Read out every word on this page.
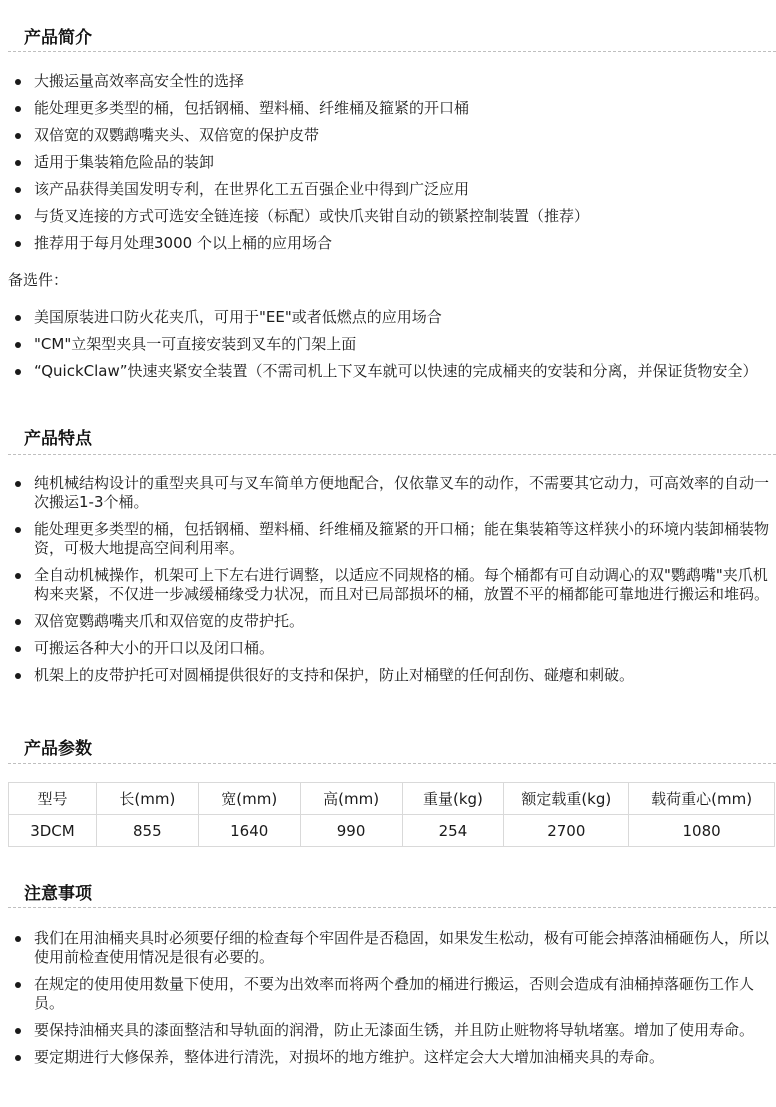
产品简介
大搬运量高效率高安全性的选择
能处理更多类型的桶，包括钢桶、塑料桶、纤维桶及箍紧的开口桶
双倍宽的双鹦鹉嘴夹头、双倍宽的保护皮带
适用于集装箱危险品的装卸
该产品获得美国发明专利，在世界化工五百强企业中得到广泛应用
与货叉连接的方式可选安全链连接（标配）或快爪夹钳自动的锁紧控制装置（推荐）
推荐用于每月处理3000 个以上桶的应用场合
备选件：
美国原装进口防火花夹爪，可用于"EE"或者低燃点的应用场合
"CM"立架型夹具一可直接安装到叉车的门架上面
“QuickClaw”快速夹紧安全装置（不需司机上下叉车就可以快速的完成桶夹的安装和分离，并保证货物安全）
产品特点
纯机械结构设计的重型夹具可与叉车简单方便地配合，仅依靠叉车的动作，不需要其它动力，可高效率的自动一次搬运1-3个桶。
能处理更多类型的桶，包括钢桶、塑料桶、纤维桶及箍紧的开口桶；能在集装箱等这样狭小的环境内装卸桶装物资，可极大地提高空间利用率。
全自动机械操作，机架可上下左右进行调整，以适应不同规格的桶。每个桶都有可自动调心的双"鹦鹉嘴"夹爪机构来夹紧，不仅进一步减缓桶缘受力状况，而且对已局部损坏的桶，放置不平的桶都能可靠地进行搬运和堆码。
双倍宽鹦鹉嘴夹爪和双倍宽的皮带护托。
可搬运各种大小的开口以及闭口桶。
机架上的皮带护托可对圆桶提供很好的支持和保护，防止对桶壁的任何刮伤、碰瘪和刺破。
产品参数
型号	长(mm)	宽(mm)	高(mm)	重量(kg)	额定载重(kg)	载荷重心(mm)
3DCM	855	1640	990	254	2700	1080
注意事项
我们在用油桶夹具时必须要仔细的检查每个牢固件是否稳固，如果发生松动，极有可能会掉落油桶砸伤人，所以使用前检查使用情况是很有必要的。
在规定的使用使用数量下使用，不要为出效率而将两个叠加的桶进行搬运，否则会造成有油桶掉落砸伤工作人员。
要保持油桶夹具的漆面整洁和导轨面的润滑，防止无漆面生锈，并且防止赃物将导轨堵塞。增加了使用寿命。
要定期进行大修保养，整体进行清洗，对损坏的地方维护。这样定会大大增加油桶夹具的寿命。
